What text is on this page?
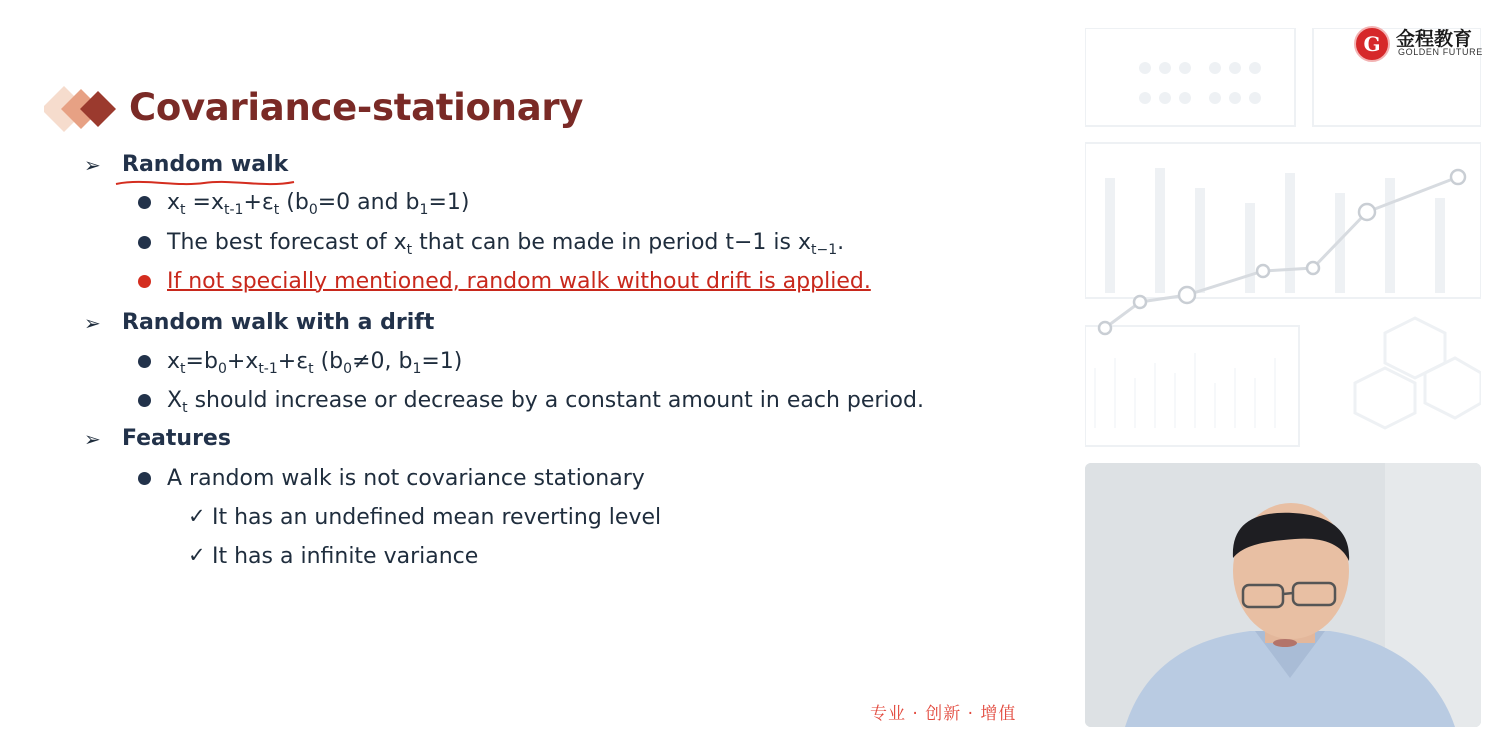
Covariance-stationary
➢ Random walk
$x_t =x_{t-1}+\varepsilon_t$ ($b_0=0$ and $b_1=1$)
The best forecast of $x_t$ that can be made in period t−1 is $x_{t-1}$.
If not specially mentioned, random walk without drift is applied.
➢ Random walk with a drift
$x_t=b_0+x_{t-1}+\varepsilon_t$ ($b_0\ne 0$, $b_1=1$)
$X_t$ should increase or decrease by a constant amount in each period.
➢ Features
A random walk is not covariance stationary
✓ It has an undefined mean reverting level
✓ It has a infinite variance
专业 · 创新 · 增值
G 金程教育
GOLDEN FUTURE
